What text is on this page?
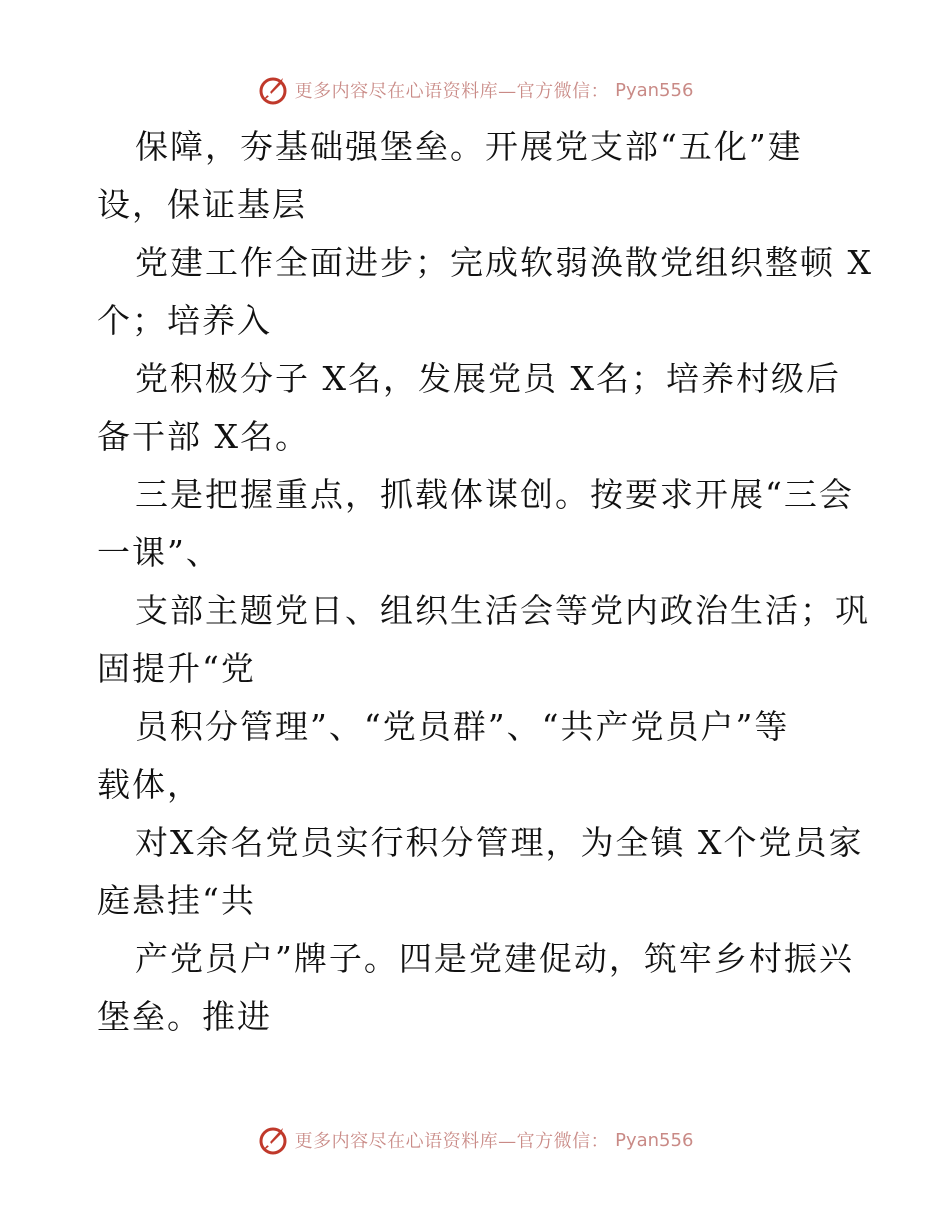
更多内容尽在心语资料库—官方微信： Pyan556
保障，夯基础强堡垒。开展党支部“五化”建
设，保证基层
党建工作全面进步；完成软弱涣散党组织整顿 X
个；培养入
党积极分子 X名，发展党员 X名；培养村级后
备干部 X名。
三是把握重点，抓载体谋创。按要求开展“三会
一课”、
支部主题党日、组织生活会等党内政治生活；巩
固提升“党
员积分管理”、“党员群”、“共产党员户”等
载体，
对X余名党员实行积分管理，为全镇 X个党员家
庭悬挂“共
产党员户”牌子。四是党建促动，筑牢乡村振兴
堡垒。推进
更多内容尽在心语资料库—官方微信： Pyan556
